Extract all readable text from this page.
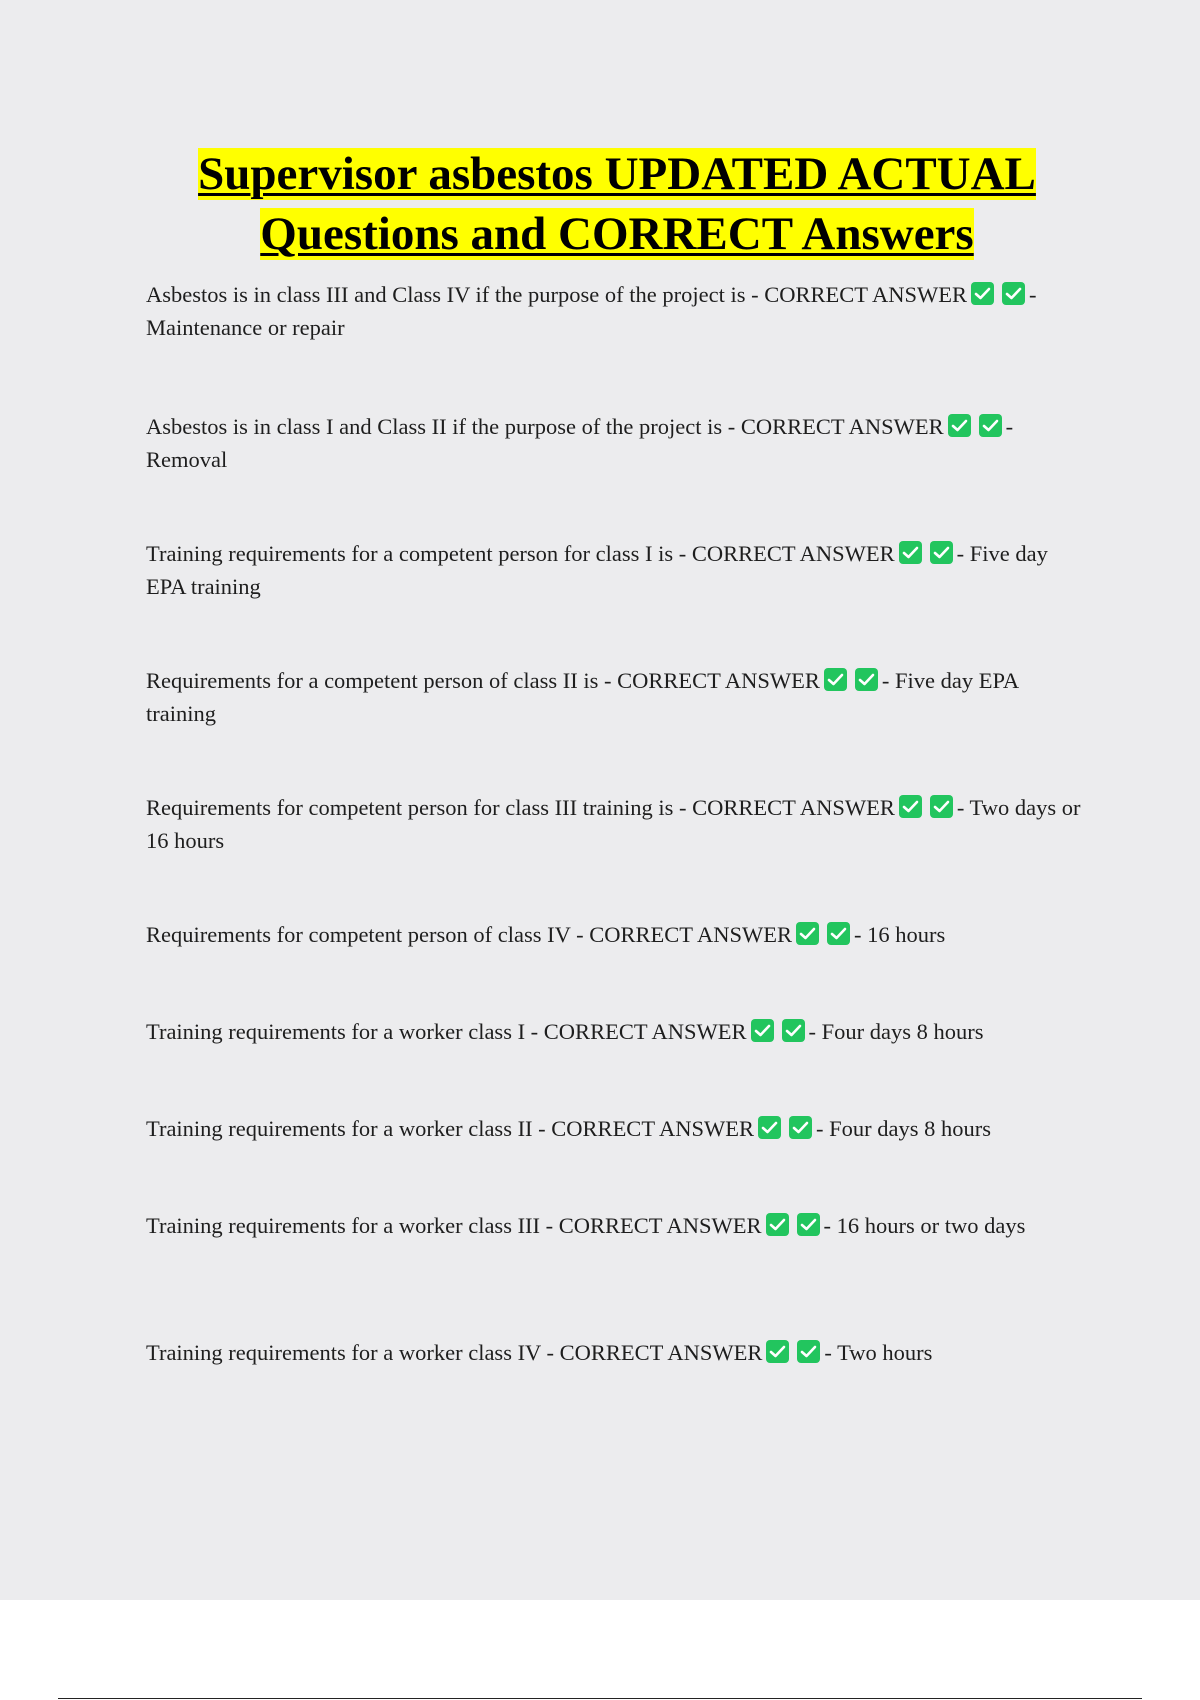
Supervisor asbestos UPDATED ACTUAL
Questions and CORRECT Answers

Asbestos is in class III and Class IV if the purpose of the project is - CORRECT ANSWER	- Maintenance or repair

Asbestos is in class I and Class II if the purpose of the project is - CORRECT ANSWER	- Removal

Training requirements for a competent person for class I is - CORRECT ANSWER	- Five day EPA training

Requirements for a competent person of class II is - CORRECT ANSWER	- Five day EPA training

Requirements for competent person for class III training is - CORRECT ANSWER	- Two days or 16 hours

Requirements for competent person of class IV - CORRECT ANSWER	- 16 hours

Training requirements for a worker class I - CORRECT ANSWER	- Four days 8 hours

Training requirements for a worker class II - CORRECT ANSWER	- Four days 8 hours

Training requirements for a worker class III - CORRECT ANSWER	- 16 hours or two days

Training requirements for a worker class IV - CORRECT ANSWER	- Two hours
